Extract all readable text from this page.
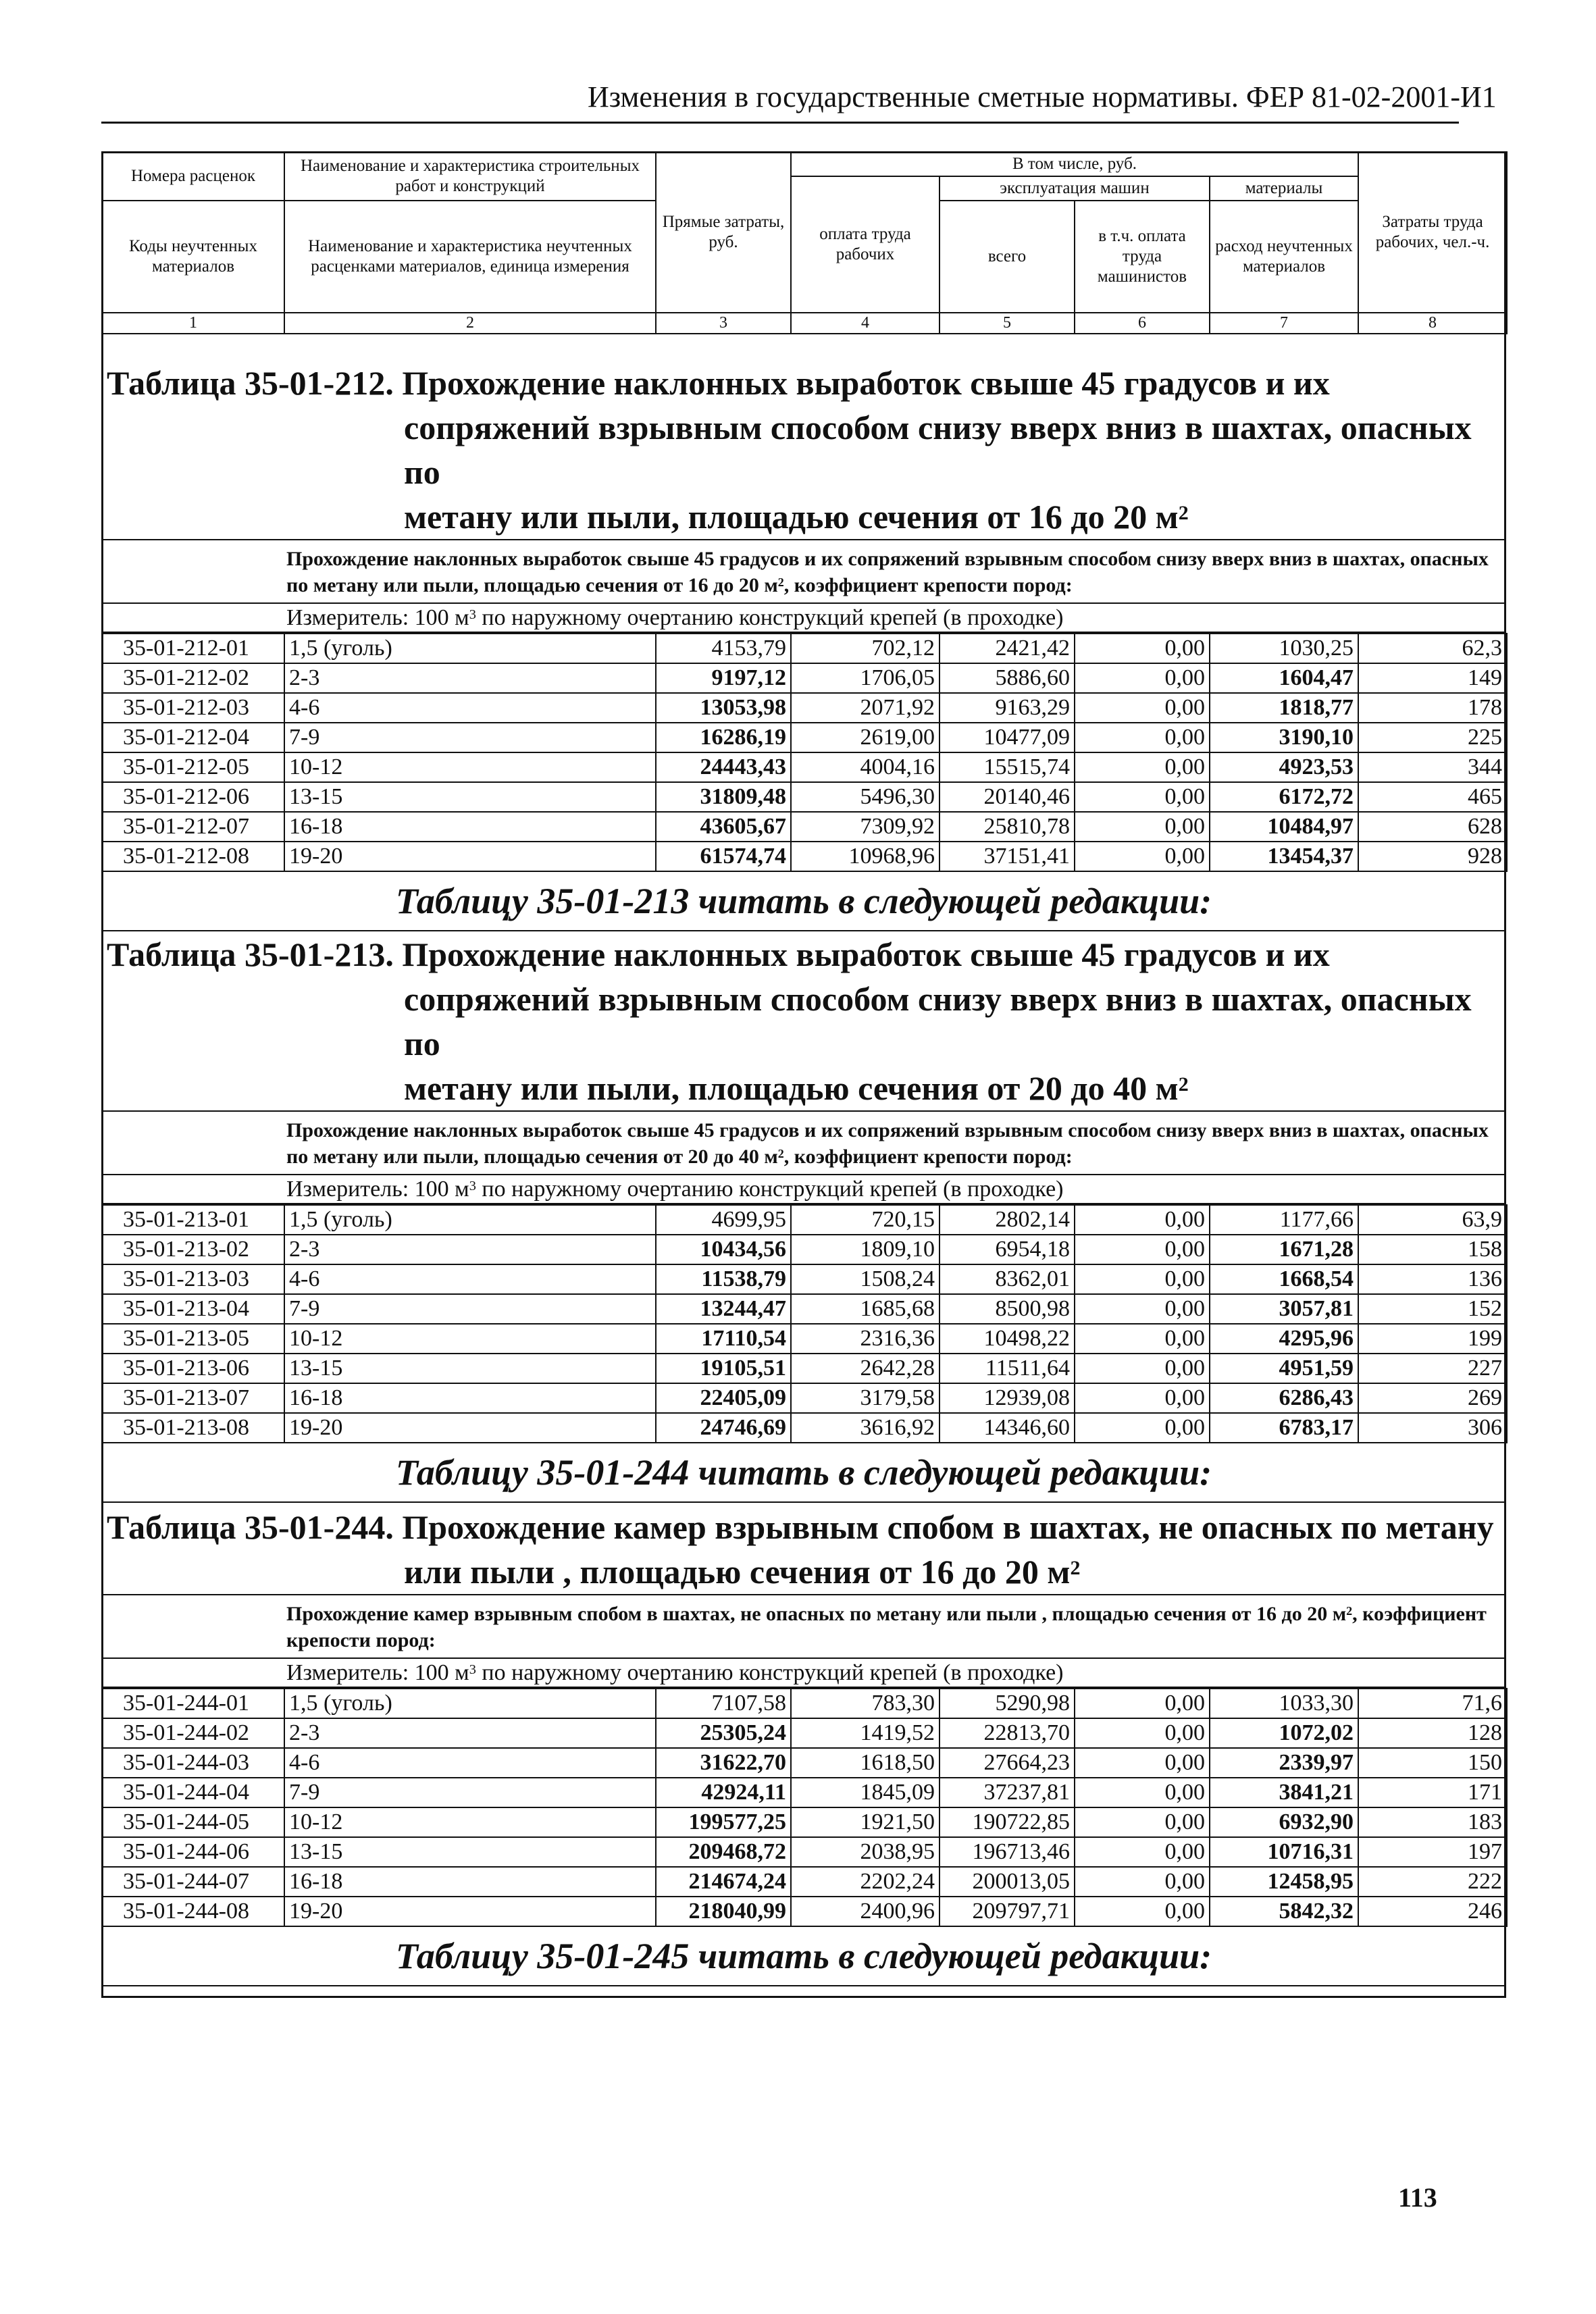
Изменения в государственные сметные нормативы. ФЕР 81-02-2001-И1
Номера расценок	Наименование и характеристика строительных работ и конструкций	Прямые затраты, руб.	В том числе, руб.				Затраты труда рабочих, чел.-ч.
			оплата труда рабочих	эксплуатация машин		материалы	
Коды неучтенных материалов	Наименование и характеристика неучтенных расценками материалов, единица измерения			всего	в т.ч. оплата труда машинистов	расход неучтенных материалов	

1	2	3	4	5	6	7	8
Таблица 35-01-212. Прохождение наклонных выработок свыше 45 градусов и их
сопряжений взрывным способом снизу вверх вниз в шахтах, опасных по
метану или пыли, площадью сечения от 16 до 20 $м^2$
Прохождение наклонных выработок свыше 45 градусов и их сопряжений взрывным способом снизу вверх вниз в шахтах, опасных по метану или пыли, площадью сечения от 16 до 20 $м^2$, коэффициент крепости пород:
Измеритель: 100 $м^3$ по наружному очертанию конструкций крепей (в проходке)
35-01-212-01	1,5 (уголь)	4153,79	702,12	2421,42	0,00	1030,25	62,3
35-01-212-02	2-3	9197,12	1706,05	5886,60	0,00	1604,47	149
35-01-212-03	4-6	13053,98	2071,92	9163,29	0,00	1818,77	178
35-01-212-04	7-9	16286,19	2619,00	10477,09	0,00	3190,10	225
35-01-212-05	10-12	24443,43	4004,16	15515,74	0,00	4923,53	344
35-01-212-06	13-15	31809,48	5496,30	20140,46	0,00	6172,72	465
35-01-212-07	16-18	43605,67	7309,92	25810,78	0,00	10484,97	628
35-01-212-08	19-20	61574,74	10968,96	37151,41	0,00	13454,37	928
Таблицу 35-01-213 читать в следующей редакции:
Таблица 35-01-213. Прохождение наклонных выработок свыше 45 градусов и их
сопряжений взрывным способом снизу вверх вниз в шахтах, опасных по
метану или пыли, площадью сечения от 20 до 40 $м^2$
Прохождение наклонных выработок свыше 45 градусов и их сопряжений взрывным способом снизу вверх вниз в шахтах, опасных по метану или пыли, площадью сечения от 20 до 40 $м^2$, коэффициент крепости пород:
Измеритель: 100 $м^3$ по наружному очертанию конструкций крепей (в проходке)
35-01-213-01	1,5 (уголь)	4699,95	720,15	2802,14	0,00	1177,66	63,9
35-01-213-02	2-3	10434,56	1809,10	6954,18	0,00	1671,28	158
35-01-213-03	4-6	11538,79	1508,24	8362,01	0,00	1668,54	136
35-01-213-04	7-9	13244,47	1685,68	8500,98	0,00	3057,81	152
35-01-213-05	10-12	17110,54	2316,36	10498,22	0,00	4295,96	199
35-01-213-06	13-15	19105,51	2642,28	11511,64	0,00	4951,59	227
35-01-213-07	16-18	22405,09	3179,58	12939,08	0,00	6286,43	269
35-01-213-08	19-20	24746,69	3616,92	14346,60	0,00	6783,17	306
Таблицу 35-01-244 читать в следующей редакции:
Таблица 35-01-244. Прохождение камер взрывным спобом в шахтах, не опасных по метану
или пыли , площадью сечения от 16 до 20 $м^2$
Прохождение камер взрывным спобом в шахтах, не опасных по метану или пыли , площадью сечения от 16 до 20 $м^2$, коэффициент крепости пород:
Измеритель: 100 $м^3$ по наружному очертанию конструкций крепей (в проходке)
35-01-244-01	1,5 (уголь)	7107,58	783,30	5290,98	0,00	1033,30	71,6
35-01-244-02	2-3	25305,24	1419,52	22813,70	0,00	1072,02	128
35-01-244-03	4-6	31622,70	1618,50	27664,23	0,00	2339,97	150
35-01-244-04	7-9	42924,11	1845,09	37237,81	0,00	3841,21	171
35-01-244-05	10-12	199577,25	1921,50	190722,85	0,00	6932,90	183
35-01-244-06	13-15	209468,72	2038,95	196713,46	0,00	10716,31	197
35-01-244-07	16-18	214674,24	2202,24	200013,05	0,00	12458,95	222
35-01-244-08	19-20	218040,99	2400,96	209797,71	0,00	5842,32	246
Таблицу 35-01-245 читать в следующей редакции:
113
